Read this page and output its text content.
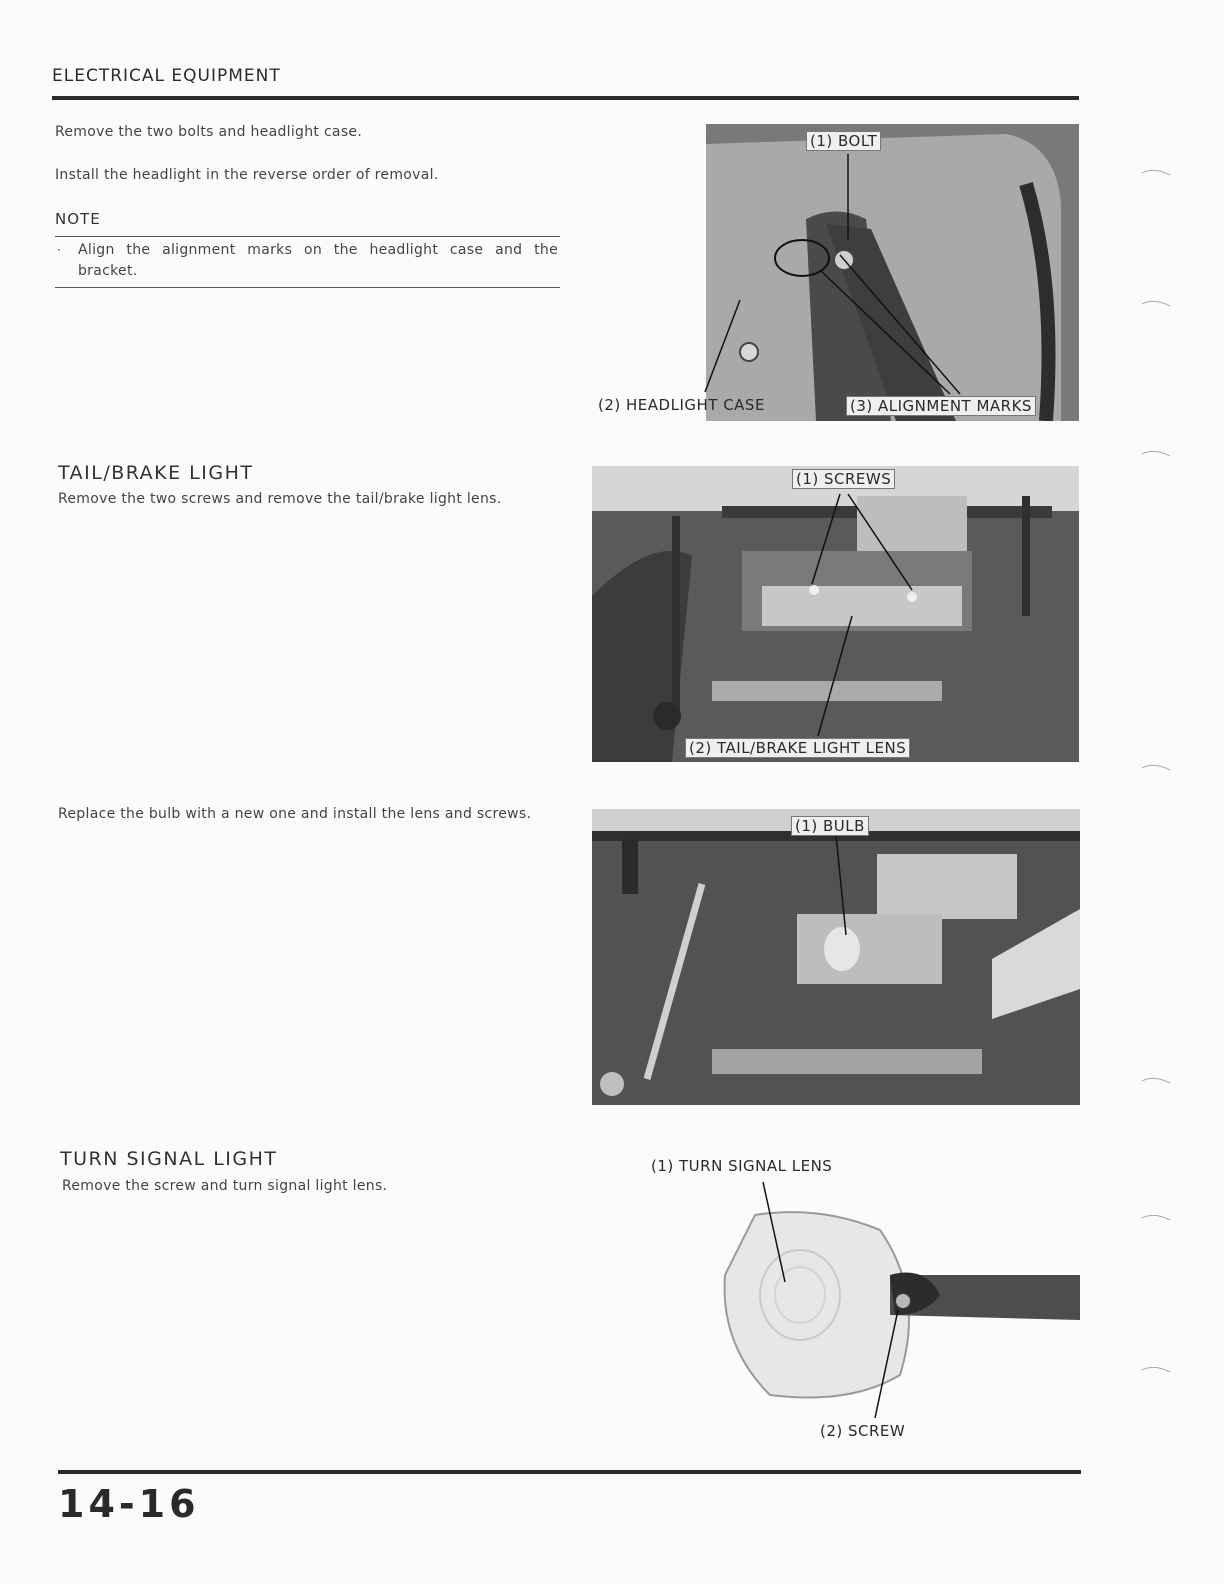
ELECTRICAL EQUIPMENT
Remove the two bolts and headlight case.
Install the headlight in the reverse order of removal.
NOTE
· Align the alignment marks on the headlight case and the bracket.
(1) BOLT
(2) HEADLIGHT CASE	(3) ALIGNMENT MARKS
TAIL/BRAKE LIGHT
Remove the two screws and remove the tail/brake light lens.
(1) SCREWS
(2) TAIL/BRAKE LIGHT LENS
Replace the bulb with a new one and install the lens and screws.
(1) BULB
TURN SIGNAL LIGHT
Remove the screw and turn signal light lens.
(1) TURN SIGNAL LENS
(2) SCREW
14-16
